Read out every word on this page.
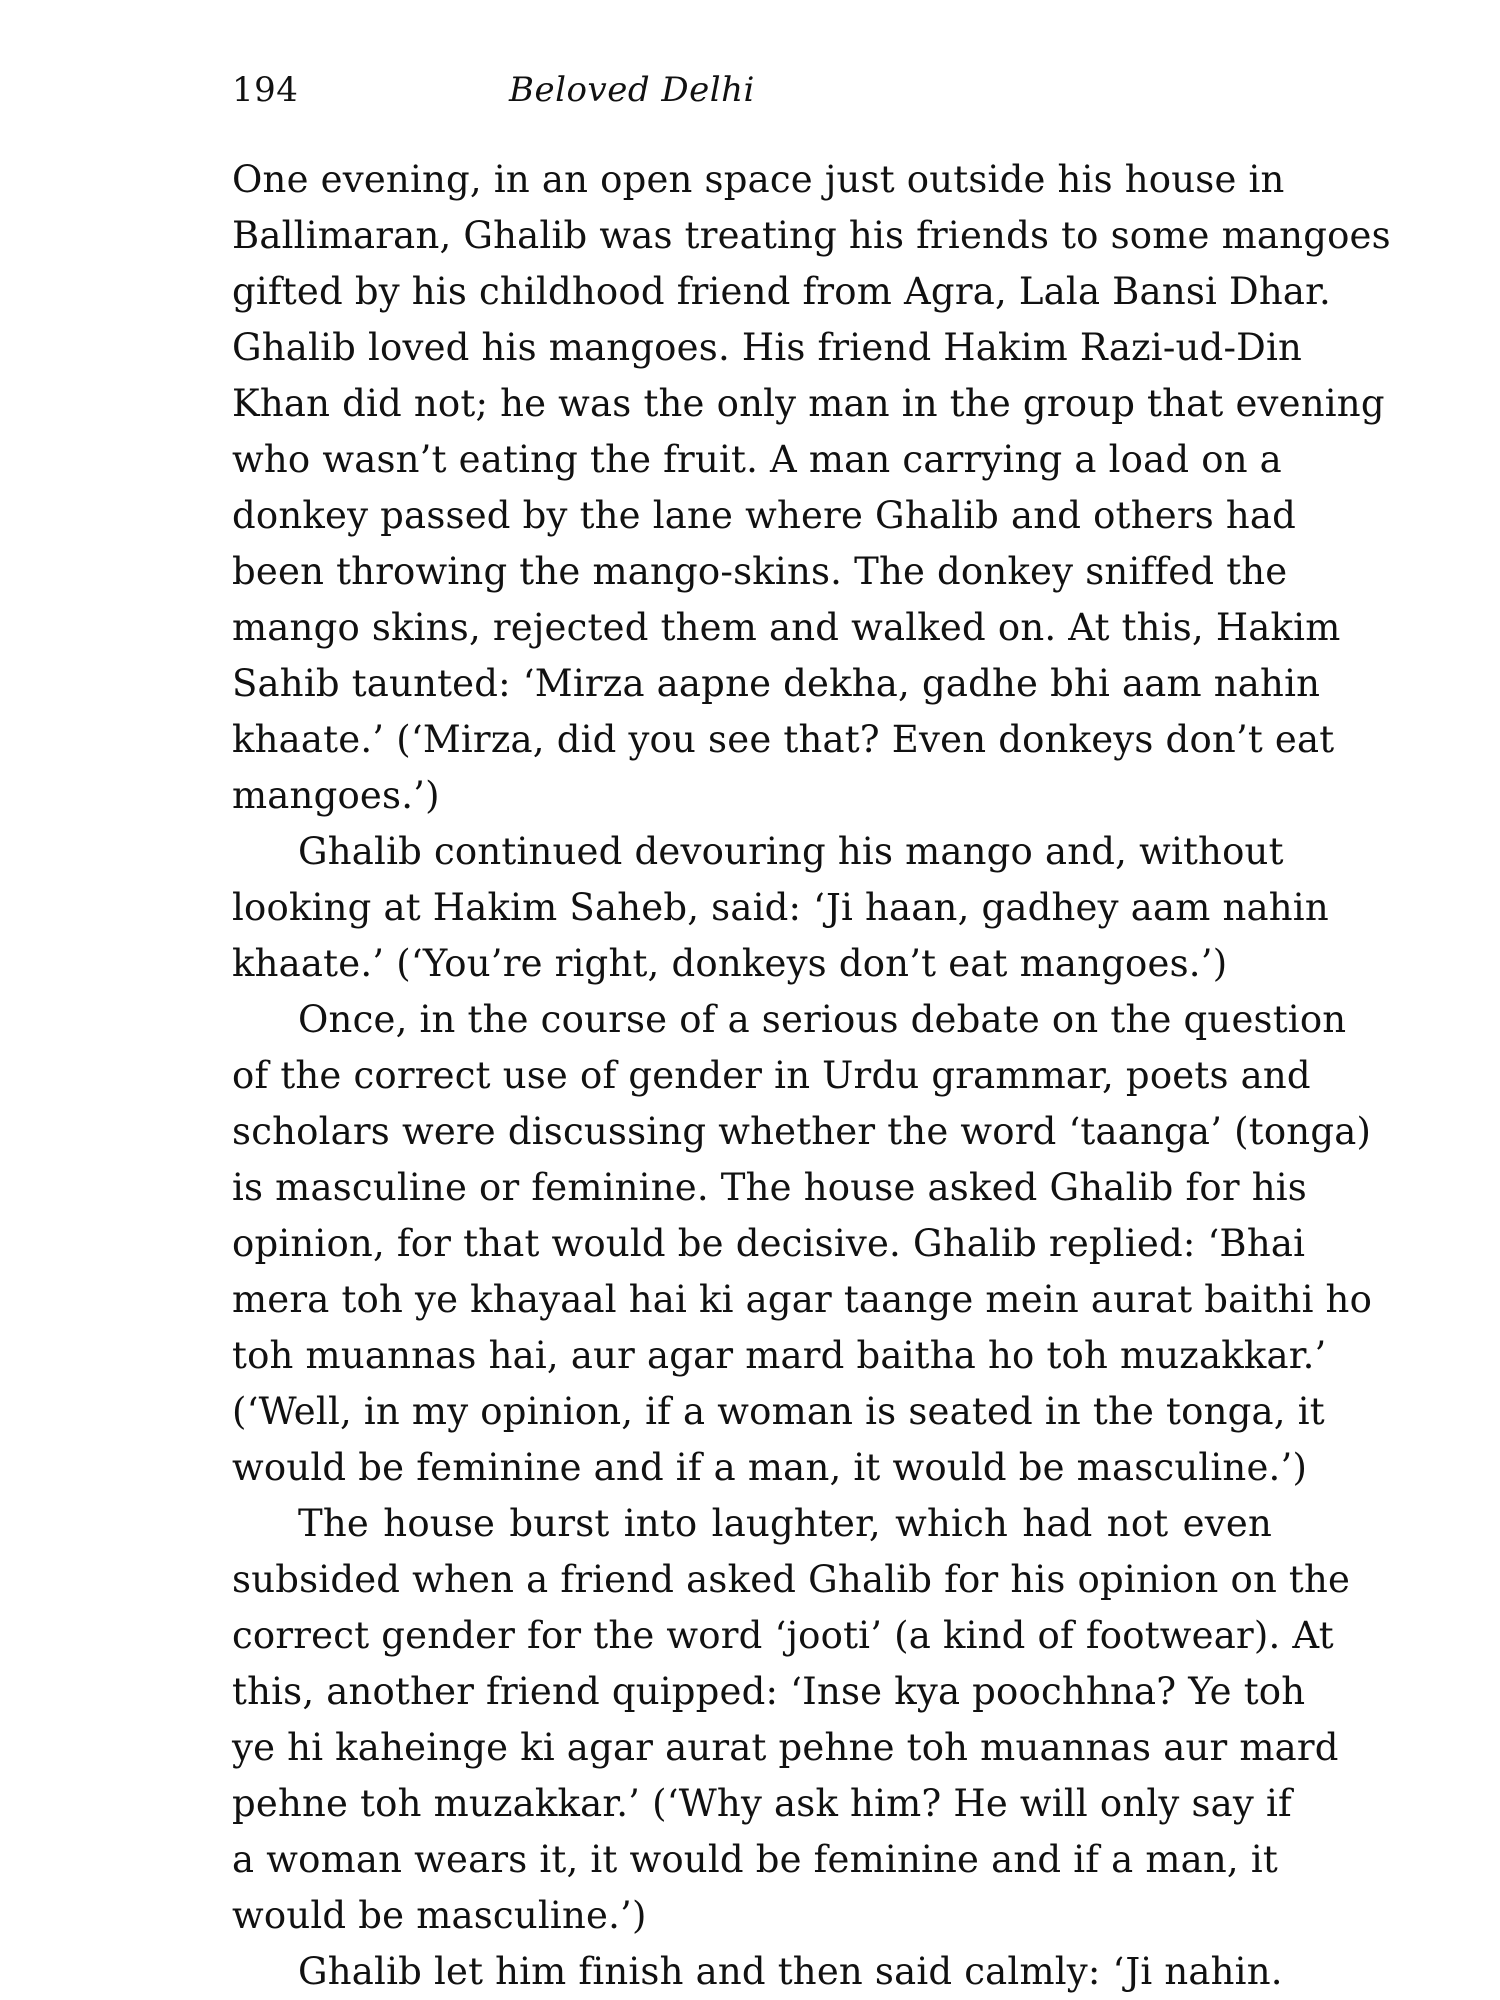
194	Beloved Delhi
One evening, in an open space just outside his house in
Ballimaran, Ghalib was treating his friends to some mangoes
gifted by his childhood friend from Agra, Lala Bansi Dhar.
Ghalib loved his mangoes. His friend Hakim Razi-ud-Din
Khan did not; he was the only man in the group that evening
who wasn’t eating the fruit. A man carrying a load on a
donkey passed by the lane where Ghalib and others had
been throwing the mango-skins. The donkey sniffed the
mango skins, rejected them and walked on. At this, Hakim
Sahib taunted: ‘Mirza aapne dekha, gadhe bhi aam nahin
khaate.’ (‘Mirza, did you see that? Even donkeys don’t eat
mangoes.’)
Ghalib continued devouring his mango and, without
looking at Hakim Saheb, said: ‘Ji haan, gadhey aam nahin
khaate.’ (‘You’re right, donkeys don’t eat mangoes.’)
Once, in the course of a serious debate on the question
of the correct use of gender in Urdu grammar, poets and
scholars were discussing whether the word ‘taanga’ (tonga)
is masculine or feminine. The house asked Ghalib for his
opinion, for that would be decisive. Ghalib replied: ‘Bhai
mera toh ye khayaal hai ki agar taange mein aurat baithi ho
toh muannas hai, aur agar mard baitha ho toh muzakkar.’
(‘Well, in my opinion, if a woman is seated in the tonga, it
would be feminine and if a man, it would be masculine.’)
The house burst into laughter, which had not even
subsided when a friend asked Ghalib for his opinion on the
correct gender for the word ‘jooti’ (a kind of footwear). At
this, another friend quipped: ‘Inse kya poochhna? Ye toh
ye hi kaheinge ki agar aurat pehne toh muannas aur mard
pehne toh muzakkar.’ (‘Why ask him? He will only say if
a woman wears it, it would be feminine and if a man, it
would be masculine.’)
Ghalib let him finish and then said calmly: ‘Ji nahin.
